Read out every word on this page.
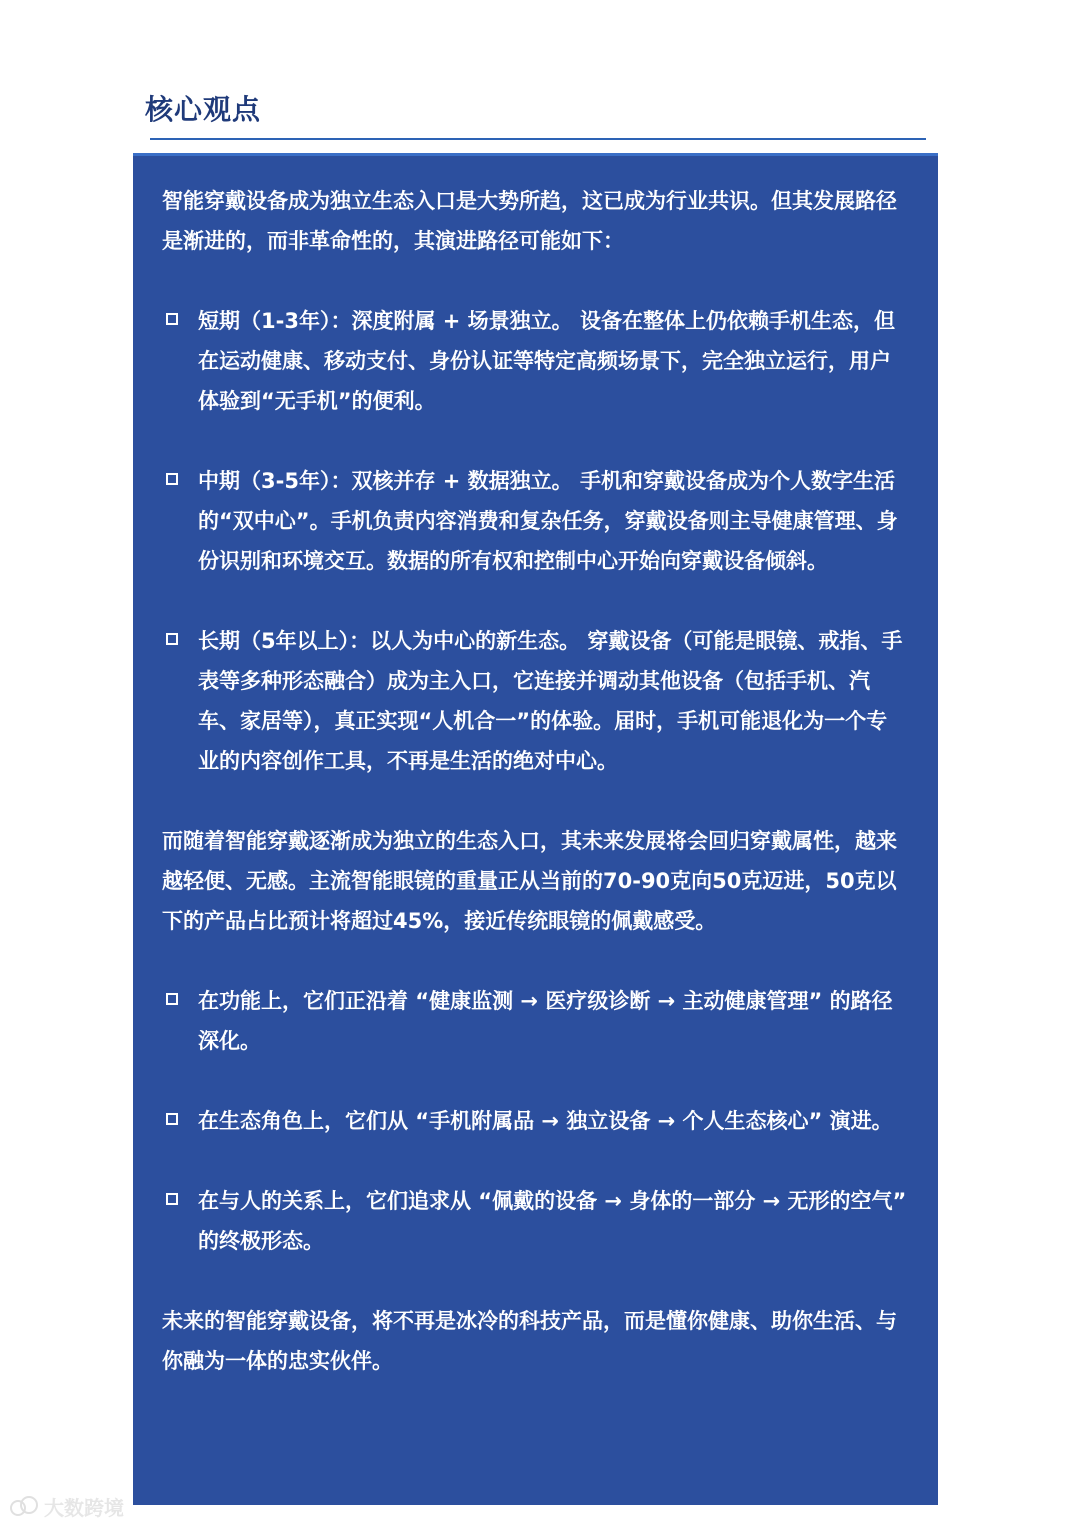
核心观点

智能穿戴设备成为独立生态入口是大势所趋，这已成为行业共识。但其发展路径是渐进的，而非革命性的，其演进路径可能如下：

短期（1-3年）：深度附属 + 场景独立。 设备在整体上仍依赖手机生态，但在运动健康、移动支付、身份认证等特定高频场景下，完全独立运行，用户体验到“无手机”的便利。

中期（3-5年）：双核并存 + 数据独立。 手机和穿戴设备成为个人数字生活的“双中心”。手机负责内容消费和复杂任务，穿戴设备则主导健康管理、身份识别和环境交互。数据的所有权和控制中心开始向穿戴设备倾斜。

长期（5年以上）：以人为中心的新生态。 穿戴设备（可能是眼镜、戒指、手表等多种形态融合）成为主入口，它连接并调动其他设备（包括手机、汽车、家居等），真正实现“人机合一”的体验。届时，手机可能退化为一个专业的内容创作工具，不再是生活的绝对中心。

而随着智能穿戴逐渐成为独立的生态入口，其未来发展将会回归穿戴属性，越来越轻便、无感。主流智能眼镜的重量正从当前的70-90克向50克迈进，50克以下的产品占比预计将超过45%，接近传统眼镜的佩戴感受。

在功能上，它们正沿着 “健康监测 → 医疗级诊断 → 主动健康管理” 的路径深化。

在生态角色上，它们从 “手机附属品 → 独立设备 → 个人生态核心” 演进。

在与人的关系上，它们追求从 “佩戴的设备 → 身体的一部分 → 无形的空气” 的终极形态。

未来的智能穿戴设备，将不再是冰冷的科技产品，而是懂你健康、助你生活、与你融为一体的忠实伙伴。

大数跨境
